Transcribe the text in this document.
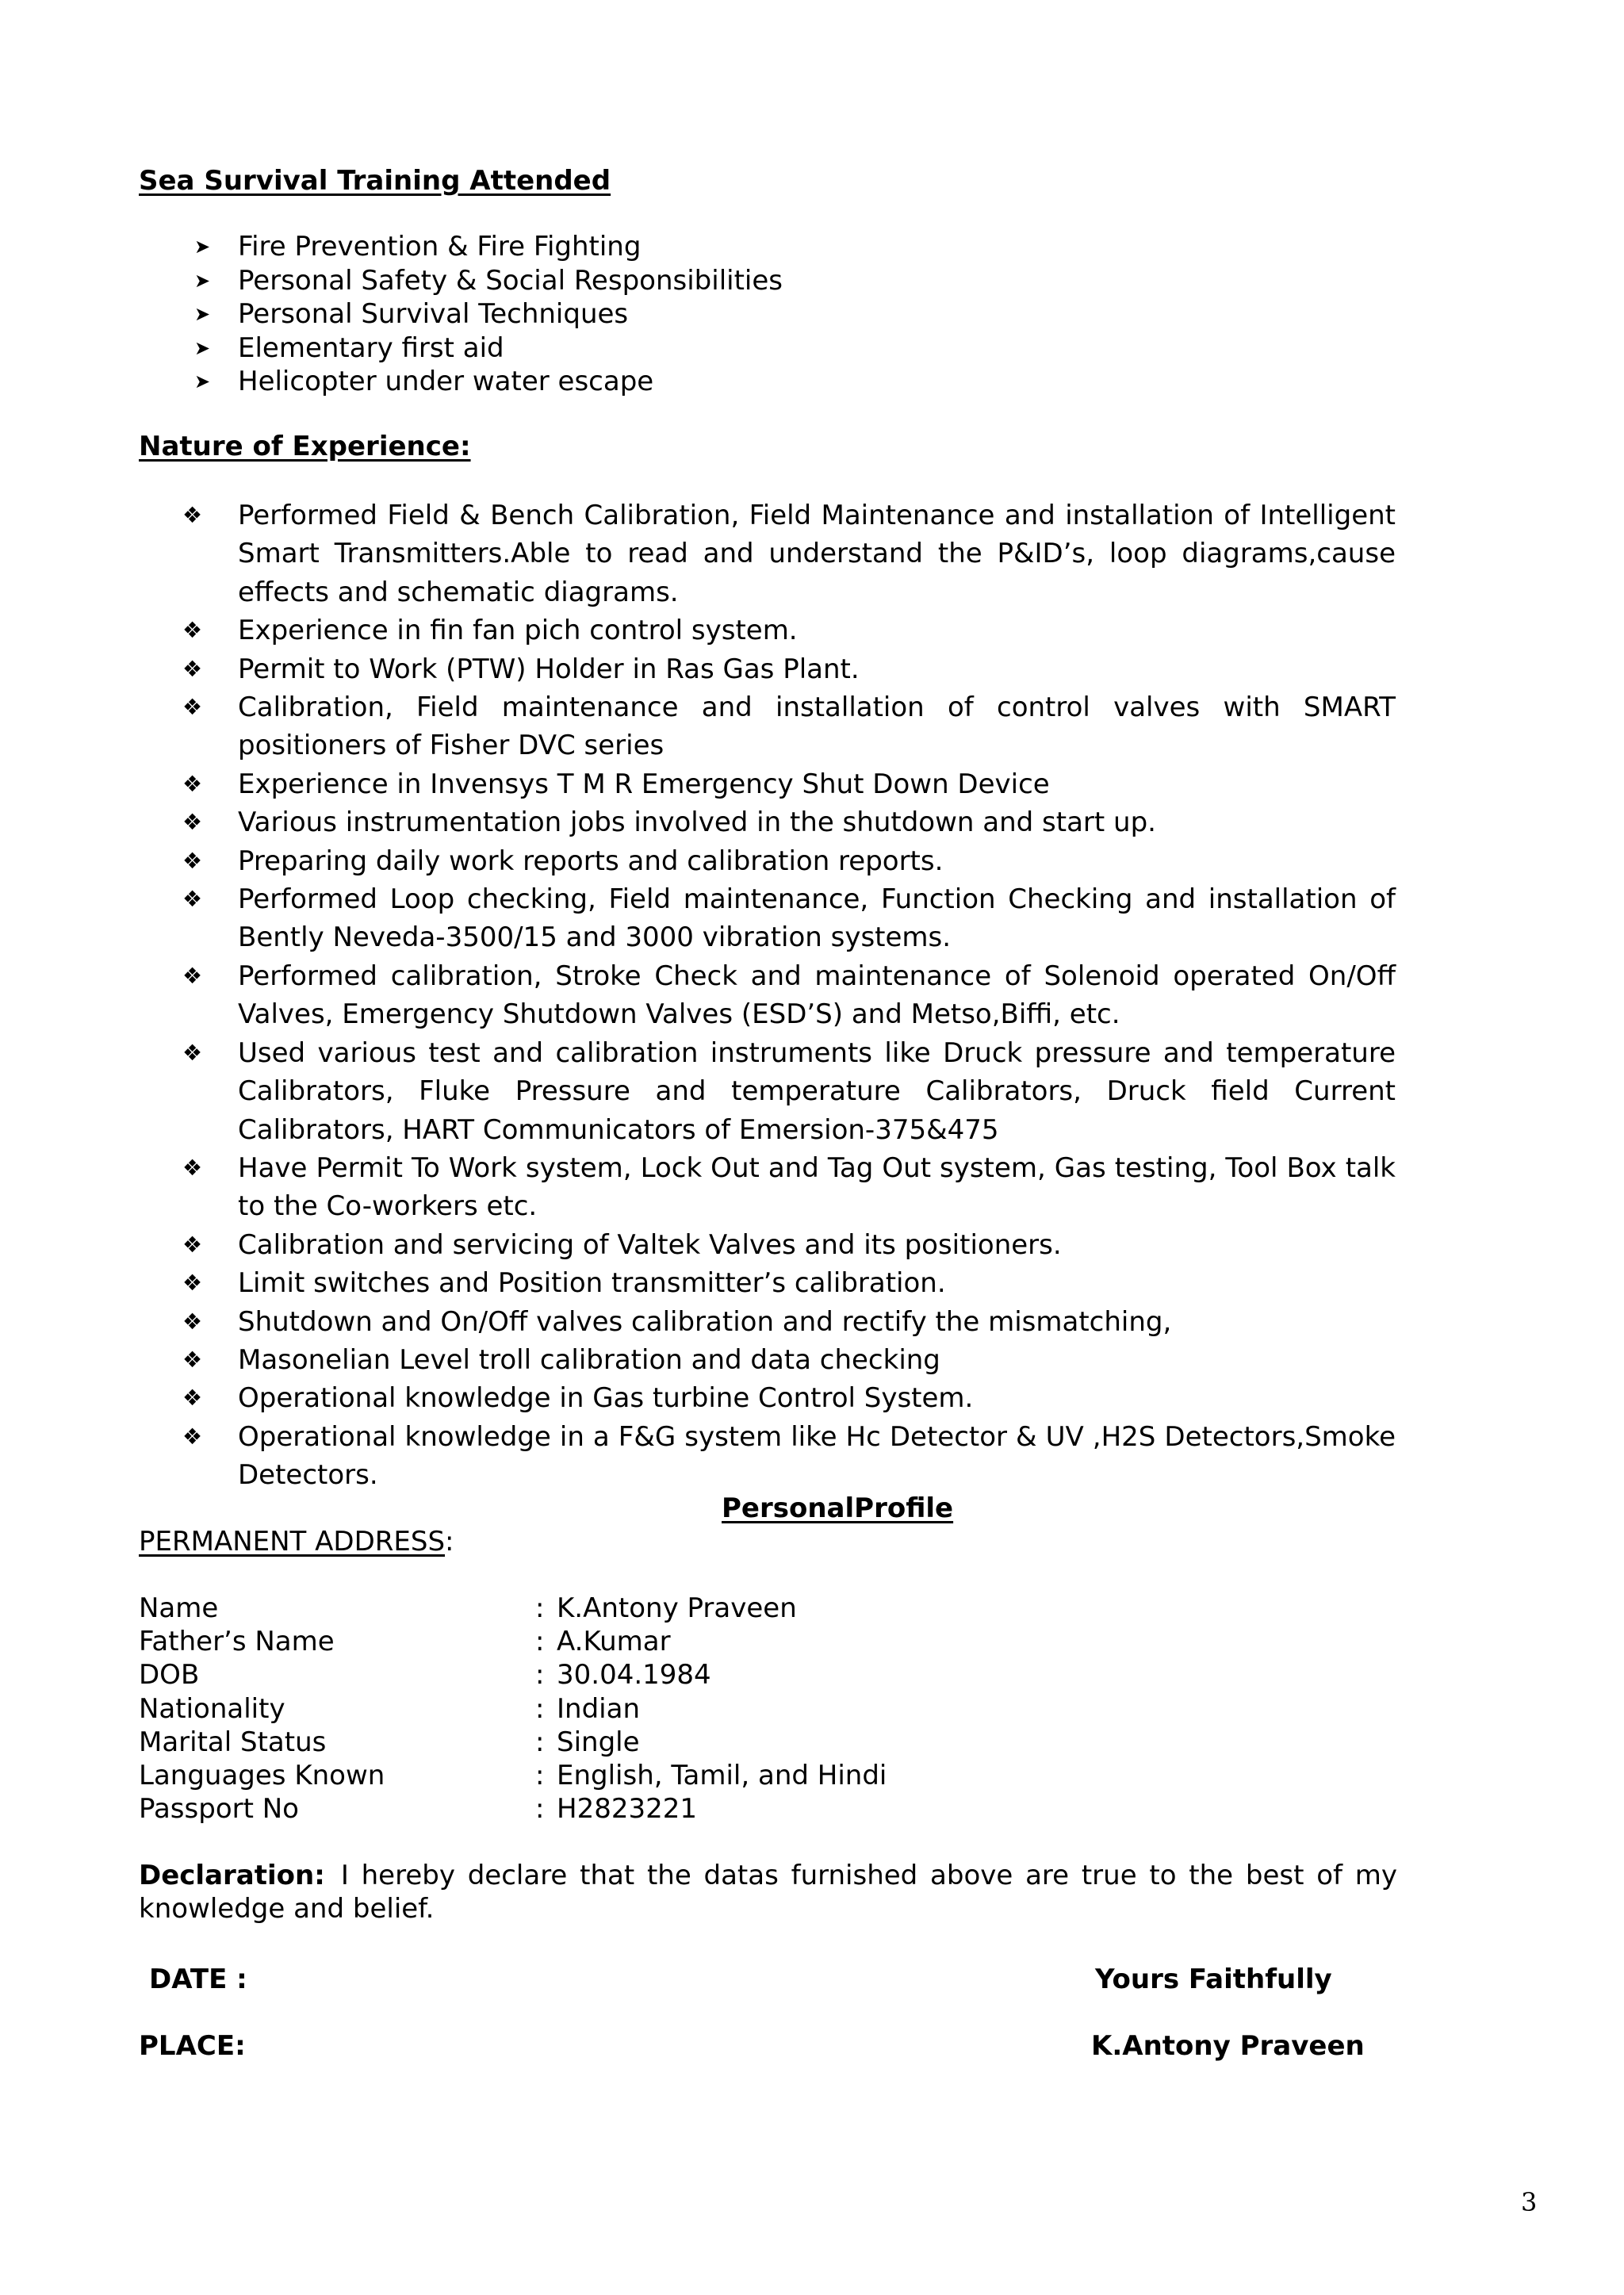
Sea Survival Training Attended
➤	Fire Prevention & Fire Fighting
➤	Personal Safety & Social Responsibilities
➤	Personal Survival Techniques
➤	Elementary first aid
➤	Helicopter under water escape
Nature of Experience:
❖ Performed Field & Bench Calibration, Field Maintenance and installation of Intelligent Smart Transmitters.Able to read and understand the P&ID’s, loop diagrams,cause effects and schematic diagrams.
❖ Experience in fin fan pich control system.
❖ Permit to Work (PTW) Holder in Ras Gas Plant.
❖ Calibration, Field maintenance and installation of control valves with SMART positioners of Fisher DVC series
❖ Experience in Invensys T M R Emergency Shut Down Device
❖ Various instrumentation jobs involved in the shutdown and start up.
❖ Preparing daily work reports and calibration reports.
❖ Performed Loop checking, Field maintenance, Function Checking and installation of Bently Neveda-3500/15 and 3000 vibration systems.
❖ Performed calibration, Stroke Check and maintenance of Solenoid operated On/Off Valves, Emergency Shutdown Valves (ESD’S) and Metso,Biffi, etc.
❖ Used various test and calibration instruments like Druck pressure and temperature Calibrators, Fluke Pressure and temperature Calibrators, Druck field Current Calibrators, HART Communicators of Emersion-375&475
❖ Have Permit To Work system, Lock Out and Tag Out system, Gas testing, Tool Box talk to the Co-workers etc.
❖ Calibration and servicing of Valtek Valves and its positioners.
❖ Limit switches and Position transmitter’s calibration.
❖ Shutdown and On/Off valves calibration and rectify the mismatching,
❖ Masonelian Level troll calibration and data checking
❖ Operational knowledge in Gas turbine Control System.
❖ Operational knowledge in a F&G system like Hc Detector & UV ,H2S Detectors,Smoke Detectors.
PersonalProfile

PERMANENT ADDRESS:

Name	: K.Antony Praveen
Father’s Name	: A.Kumar
DOB	: 30.04.1984
Nationality	: Indian
Marital Status	: Single
Languages Known	: English, Tamil, and Hindi
Passport No	: H2823221

Declaration: I hereby declare that the datas furnished above are true to the best of my knowledge and belief.

DATE :	Yours Faithfully

PLACE:	K.Antony Praveen

3
